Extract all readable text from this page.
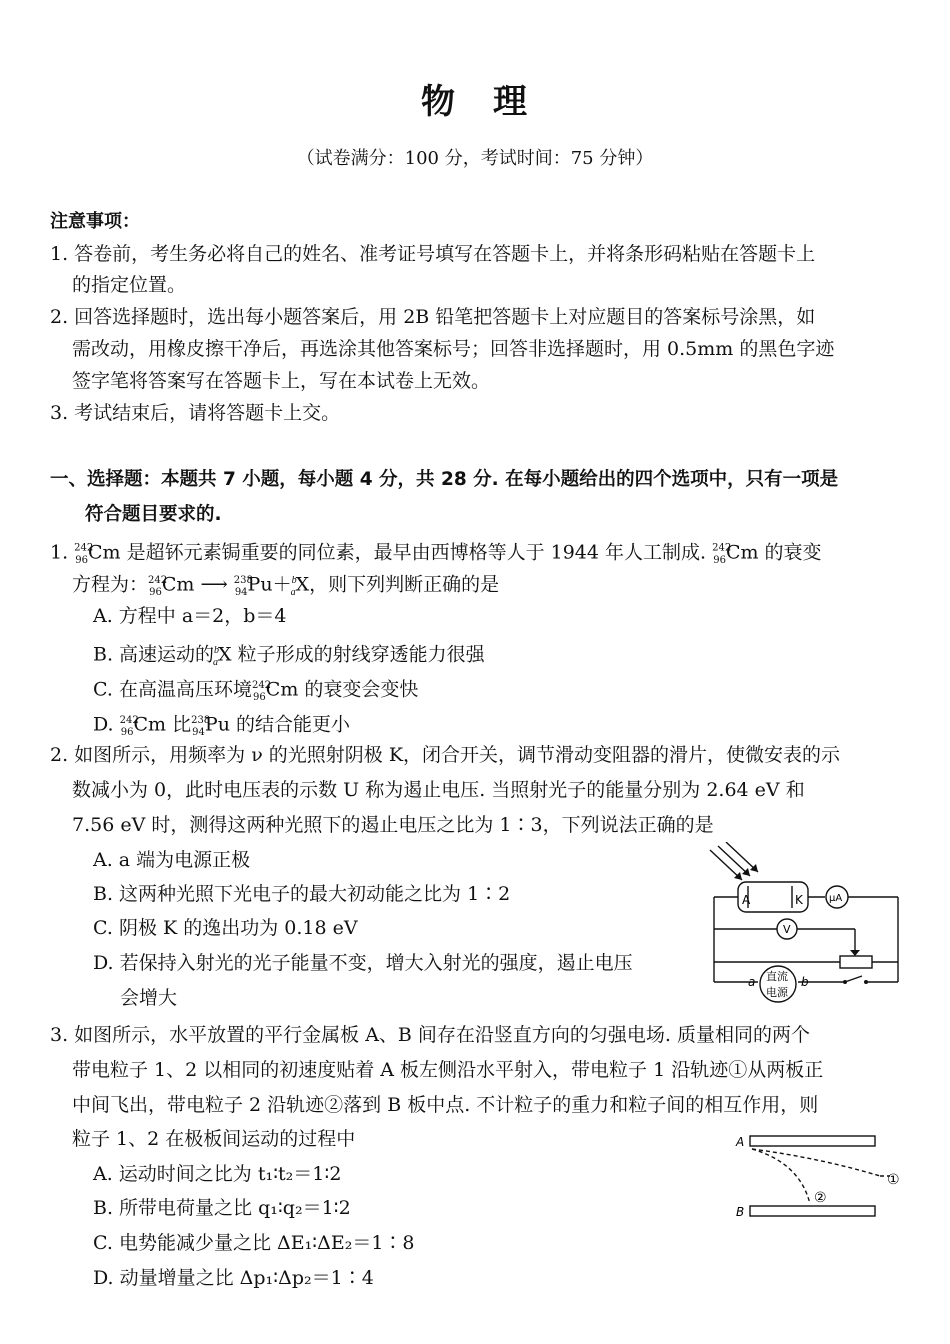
物　理
（试卷满分：100 分，考试时间：75 分钟）
注意事项：
1. 答卷前，考生务必将自己的姓名、准考证号填写在答题卡上，并将条形码粘贴在答题卡上
的指定位置。
2. 回答选择题时，选出每小题答案后，用 2B 铅笔把答题卡上对应题目的答案标号涂黑，如
需改动，用橡皮擦干净后，再选涂其他答案标号；回答非选择题时，用 0.5mm 的黑色字迹
签字笔将答案写在答题卡上，写在本试卷上无效。
3. 考试结束后，请将答题卡上交。
一、选择题：本题共 7 小题，每小题 4 分，共 28 分. 在每小题给出的四个选项中，只有一项是
符合题目要求的.
1. $^{242}_{96}$Cm 是超钚元素锔重要的同位素，最早由西博格等人于 1944 年人工制成. $^{242}_{96}$Cm 的衰变
方程为：$^{242}_{96}$Cm ⟶ $^{238}_{94}$Pu＋$^b_a$X，则下列判断正确的是
A. 方程中 a＝2，b＝4
B. 高速运动的$^b_a$X 粒子形成的射线穿透能力很强
C. 在高温高压环境$^{242}_{96}$Cm 的衰变会变快
D. $^{242}_{96}$Cm 比$^{238}_{94}$Pu 的结合能更小
2. 如图所示，用频率为 ν 的光照射阴极 K，闭合开关，调节滑动变阻器的滑片，使微安表的示
数减小为 0，此时电压表的示数 U 称为遏止电压. 当照射光子的能量分别为 2.64 eV 和
7.56 eV 时，测得这两种光照下的遏止电压之比为 1∶3，下列说法正确的是
A. a 端为电源正极
B. 这两种光照下光电子的最大初动能之比为 1∶2
C. 阴极 K 的逸出功为 0.18 eV
D. 若保持入射光的光子能量不变，增大入射光的强度，遏止电压
会增大
A	K	μA
V
直流
电源
a	b
3. 如图所示，水平放置的平行金属板 A、B 间存在沿竖直方向的匀强电场. 质量相同的两个
带电粒子 1、2 以相同的初速度贴着 A 板左侧沿水平射入，带电粒子 1 沿轨迹①从两板正
中间飞出，带电粒子 2 沿轨迹②落到 B 板中点. 不计粒子的重力和粒子间的相互作用，则
粒子 1、2 在极板间运动的过程中
A. 运动时间之比为 t₁∶t₂＝1∶2
B. 所带电荷量之比 q₁∶q₂＝1∶2
C. 电势能减少量之比 ΔE₁∶ΔE₂＝1∶8
D. 动量增量之比 Δp₁∶Δp₂＝1∶4
A
B
①
②
